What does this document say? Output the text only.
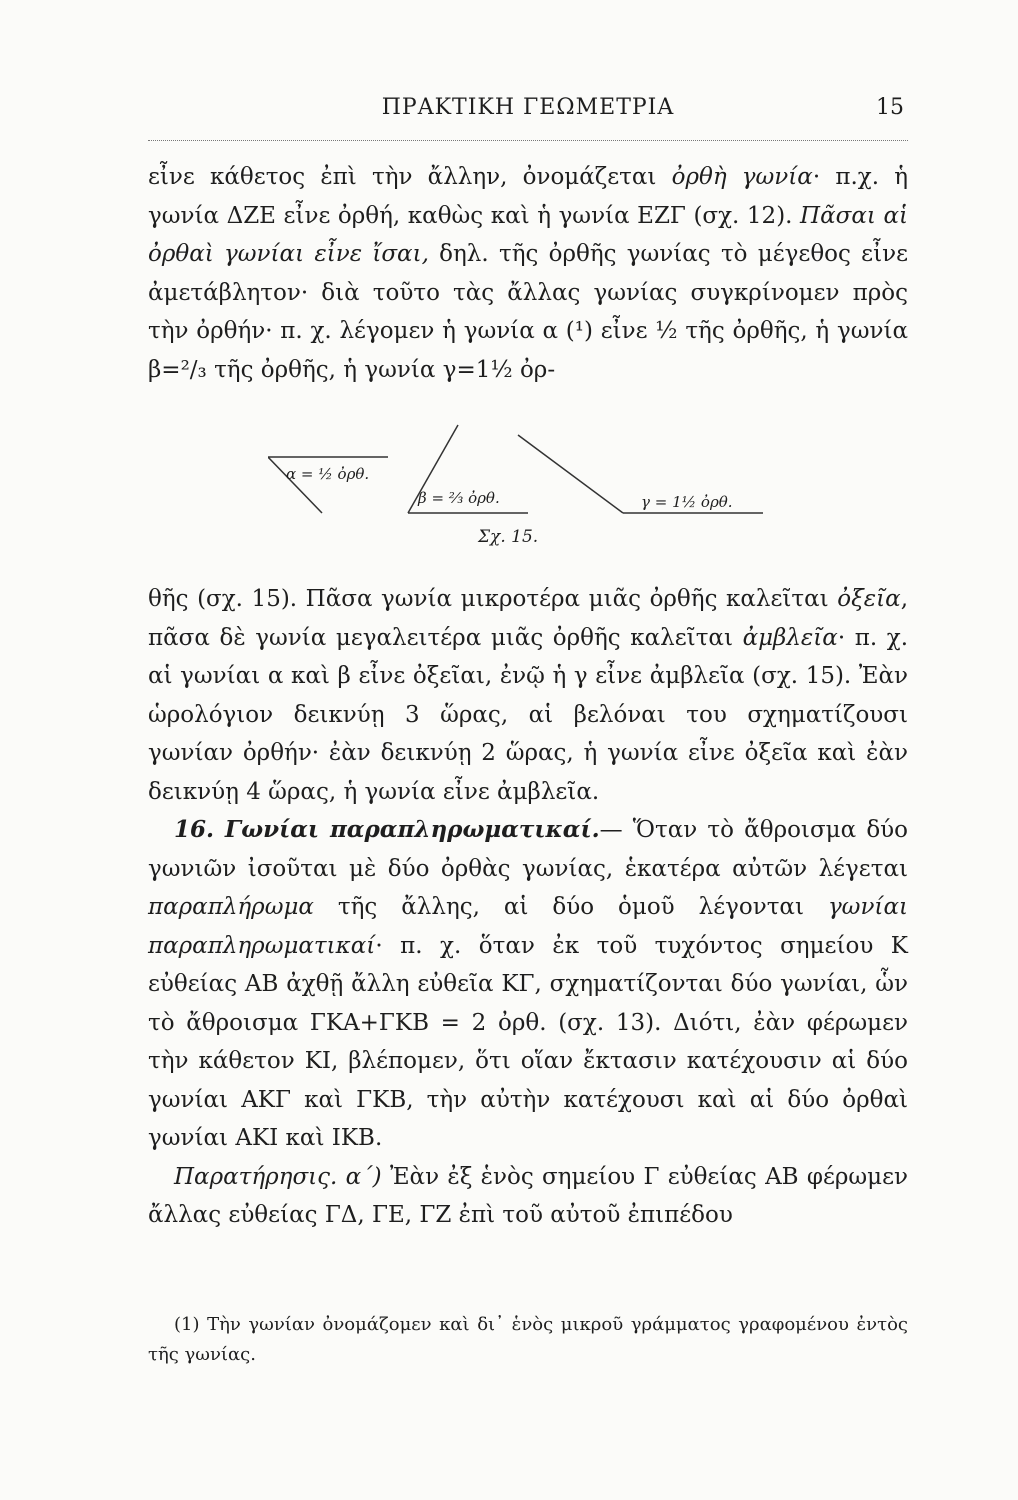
ΠΡΑΚΤΙΚΗ ΓΕΩΜΕΤΡΙΑ	15

εἶνε κάθετος ἐπὶ τὴν ἄλλην, ὀνομάζεται ὀρθὴ γωνία· π.χ. ἡ γωνία ΔΖΕ εἶνε ὀρθή, καθὼς καὶ ἡ γωνία ΕΖΓ (σχ. 12). Πᾶσαι αἱ ὀρθαὶ γωνίαι εἶνε ἴσαι, δηλ. τῆς ὀρθῆς γωνίας τὸ μέγεθος εἶνε ἀμετάβλητον· διὰ τοῦτο τὰς ἄλλας γωνίας συγκρίνομεν πρὸς τὴν ὀρθήν· π. χ. λέγομεν ἡ γωνία α (¹) εἶνε ½ τῆς ὀρθῆς, ἡ γωνία β=²/₃ τῆς ὀρθῆς, ἡ γωνία γ=1½ ὀρ-

α = ½ ὀρθ.
β = ⅔ ὀρθ.	γ = 1½ ὀρθ.
Σχ. 15.

θῆς (σχ. 15). Πᾶσα γωνία μικροτέρα μιᾶς ὀρθῆς καλεῖται ὀξεῖα, πᾶσα δὲ γωνία μεγαλειτέρα μιᾶς ὀρθῆς καλεῖται ἀμβλεῖα· π. χ. αἱ γωνίαι α καὶ β εἶνε ὀξεῖαι, ἐνῷ ἡ γ εἶνε ἀμβλεῖα (σχ. 15). Ἐὰν ὡρολόγιον δεικνύῃ 3 ὥρας, αἱ βελόναι του σχηματίζουσι γωνίαν ὀρθήν· ἐὰν δεικνύῃ 2 ὥρας, ἡ γωνία εἶνε ὀξεῖα καὶ ἐὰν δεικνύῃ 4 ὥρας, ἡ γωνία εἶνε ἀμβλεῖα.

16. Γωνίαι παραπληρωματικαί.— Ὅταν τὸ ἄθροισμα δύο γωνιῶν ἰσοῦται μὲ δύο ὀρθὰς γωνίας, ἑκατέρα αὐτῶν λέγεται παραπλήρωμα τῆς ἄλλης, αἱ δύο ὁμοῦ λέγονται γωνίαι παραπληρωματικαί· π. χ. ὅταν ἐκ τοῦ τυχόντος σημείου Κ εὐθείας ΑΒ ἀχθῇ ἄλλη εὐθεῖα ΚΓ, σχηματίζονται δύο γωνίαι, ὧν τὸ ἄθροισμα ΓΚΑ+ΓΚΒ = 2 ὀρθ. (σχ. 13). Διότι, ἐὰν φέρωμεν τὴν κάθετον ΚΙ, βλέπομεν, ὅτι οἵαν ἔκτασιν κατέχουσιν αἱ δύο γωνίαι ΑΚΓ καὶ ΓΚΒ, τὴν αὐτὴν κατέχουσι καὶ αἱ δύο ὀρθαὶ γωνίαι ΑΚΙ καὶ ΙΚΒ.

Παρατήρησις. α΄) Ἐὰν ἐξ ἑνὸς σημείου Γ εὐθείας ΑΒ φέρωμεν ἄλλας εὐθείας ΓΔ, ΓΕ, ΓΖ ἐπὶ τοῦ αὐτοῦ ἐπιπέδου

(1) Τὴν γωνίαν ὀνομάζομεν καὶ δι᾿ ἑνὸς μικροῦ γράμματος γραφομένου ἐντὸς τῆς γωνίας.
